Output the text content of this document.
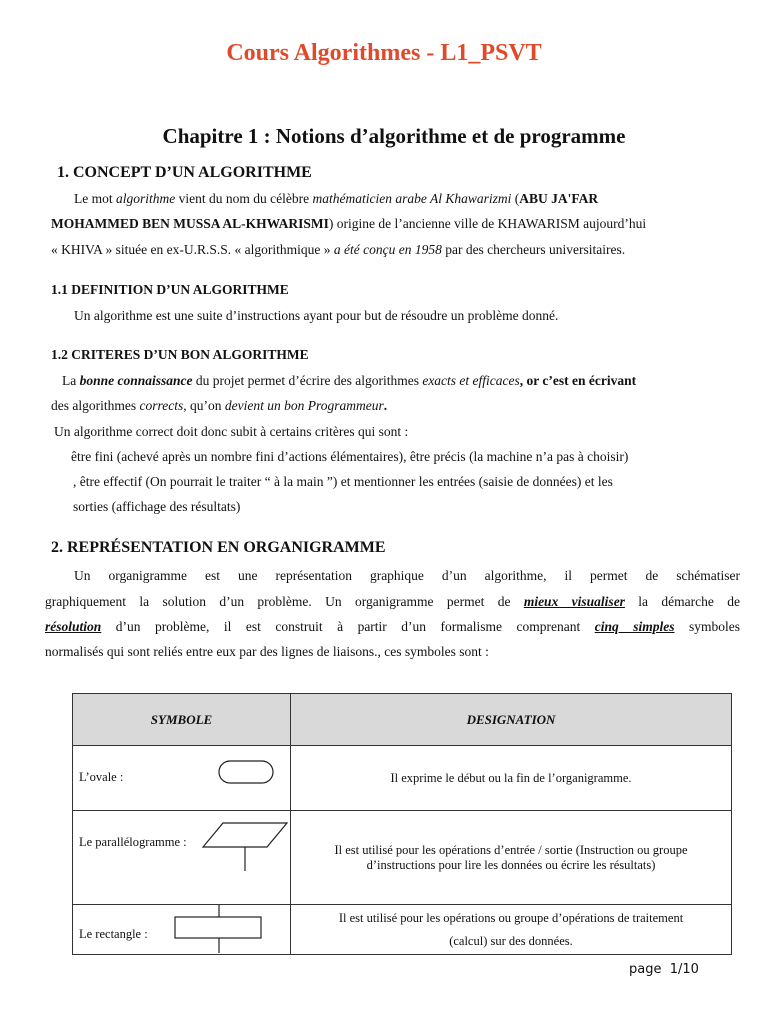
Cours Algorithmes - L1_PSVT
Chapitre 1 : Notions d’algorithme et de programme
1. CONCEPT D’UN ALGORITHME
Le mot algorithme vient du nom du célèbre mathématicien arabe Al Khawarizmi (ABU JA'FAR
MOHAMMED BEN MUSSA AL-KHWARISMI) origine de l’ancienne ville de KHAWARISM aujourd’hui
« KHIVA » située en ex-U.R.S.S. « algorithmique » a été conçu en 1958 par des chercheurs universitaires.
1.1 DEFINITION D’UN ALGORITHME
Un algorithme est une suite d’instructions ayant pour but de résoudre un problème donné.
1.2 CRITERES D’UN BON ALGORITHME
La bonne connaissance du projet permet d’écrire des algorithmes exacts et efficaces, or c’est en écrivant
des algorithmes corrects, qu’on devient un bon Programmeur.
Un algorithme correct doit donc subit à certains critères qui sont :
être fini (achevé après un nombre fini d’actions élémentaires), être précis (la machine n’a pas à choisir)
, être effectif (On pourrait le traiter “ à la main ”) et mentionner les entrées (saisie de données) et les
sorties (affichage des résultats)
2. REPRÉSENTATION EN ORGANIGRAMME
Un organigramme est une représentation graphique d’un algorithme, il permet de schématiser
graphiquement la solution d’un problème. Un organigramme permet de mieux visualiser la démarche de
résolution d’un problème, il est construit à partir d’un formalisme comprenant cinq simples symboles
normalisés qui sont reliés entre eux par des lignes de liaisons., ces symboles sont :
SYMBOLE	DESIGNATION

L’ovale :	Il exprime le début ou la fin de l’organigramme.

Le parallélogramme :	Il est utilisé pour les opérations d’entrée / sortie (Instruction ou groupe
d’instructions pour lire les données ou écrire les résultats)

Le rectangle :	Il est utilisé pour les opérations ou groupe d’opérations de traitement
(calcul) sur des données.
page 1/10
